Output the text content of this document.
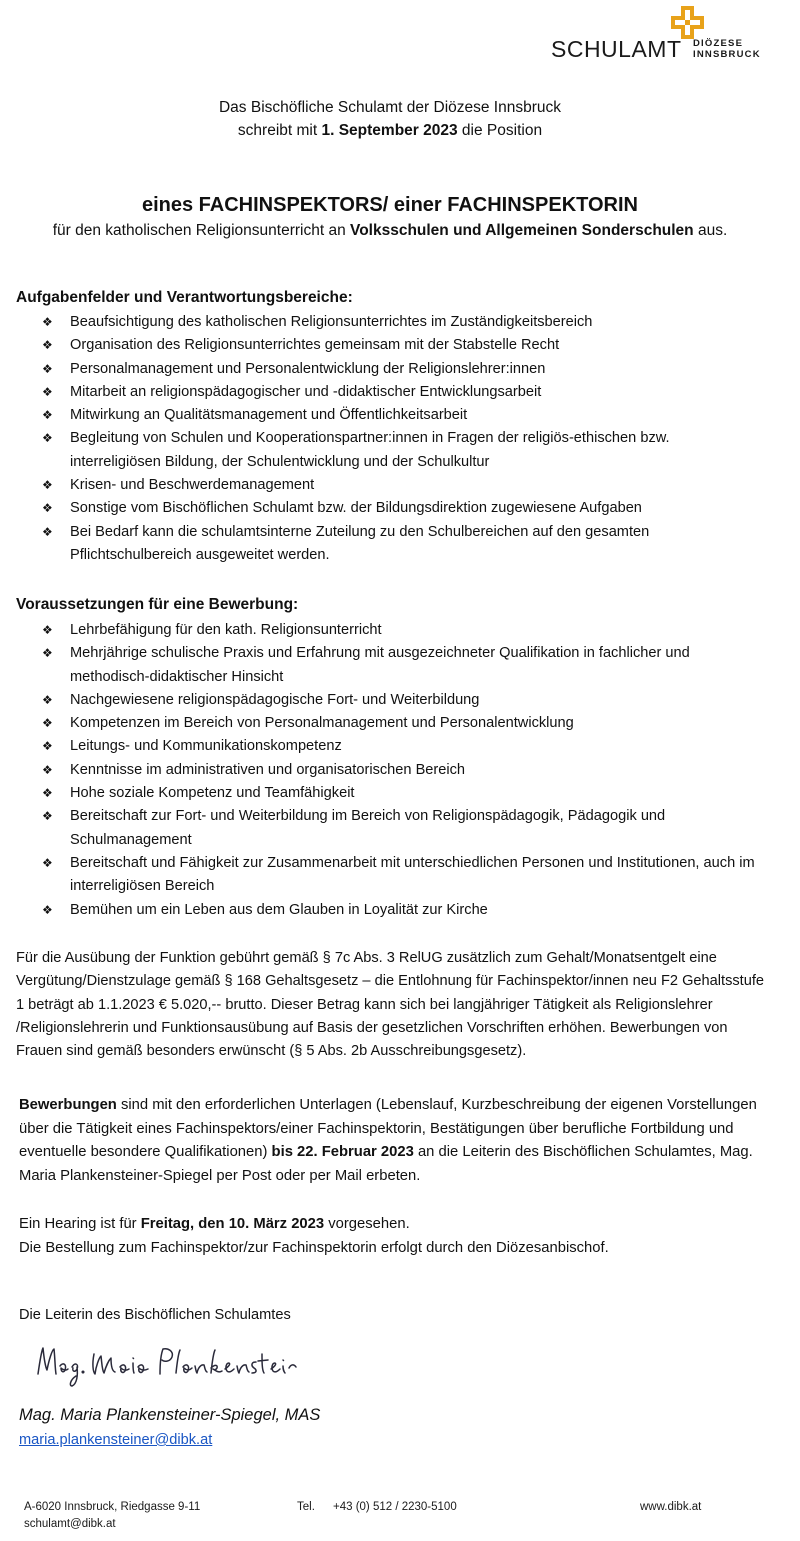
SCHULAMT DIÖZESE
INNSBRUCK
Das Bischöfliche Schulamt der Diözese Innsbruck
schreibt mit 1. September 2023 die Position
eines FACHINSPEKTORS/ einer FACHINSPEKTORIN
für den katholischen Religionsunterricht an Volksschulen und Allgemeinen Sonderschulen aus.
Aufgabenfelder und Verantwortungsbereiche:
❖ Beaufsichtigung des katholischen Religionsunterrichtes im Zuständigkeitsbereich
❖ Organisation des Religionsunterrichtes gemeinsam mit der Stabstelle Recht
❖ Personalmanagement und Personalentwicklung der Religionslehrer:innen
❖ Mitarbeit an religionspädagogischer und -didaktischer Entwicklungsarbeit
❖ Mitwirkung an Qualitätsmanagement und Öffentlichkeitsarbeit
❖ Begleitung von Schulen und Kooperationspartner:innen in Fragen der religiös-ethischen bzw. interreligiösen Bildung, der Schulentwicklung und der Schulkultur
❖ Krisen- und Beschwerdemanagement
❖ Sonstige vom Bischöflichen Schulamt bzw. der Bildungsdirektion zugewiesene Aufgaben
❖ Bei Bedarf kann die schulamtsinterne Zuteilung zu den Schulbereichen auf den gesamten Pflichtschulbereich ausgeweitet werden.
Voraussetzungen für eine Bewerbung:
❖ Lehrbefähigung für den kath. Religionsunterricht
❖ Mehrjährige schulische Praxis und Erfahrung mit ausgezeichneter Qualifikation in fachlicher und methodisch-didaktischer Hinsicht
❖ Nachgewiesene religionspädagogische Fort- und Weiterbildung
❖ Kompetenzen im Bereich von Personalmanagement und Personalentwicklung
❖ Leitungs- und Kommunikationskompetenz
❖ Kenntnisse im administrativen und organisatorischen Bereich
❖ Hohe soziale Kompetenz und Teamfähigkeit
❖ Bereitschaft zur Fort- und Weiterbildung im Bereich von Religionspädagogik, Pädagogik und Schulmanagement
❖ Bereitschaft und Fähigkeit zur Zusammenarbeit mit unterschiedlichen Personen und Institutionen, auch im interreligiösen Bereich
❖ Bemühen um ein Leben aus dem Glauben in Loyalität zur Kirche
Für die Ausübung der Funktion gebührt gemäß § 7c Abs. 3 RelUG zusätzlich zum Gehalt/Monatsentgelt eine Vergütung/Dienstzulage gemäß § 168 Gehaltsgesetz – die Entlohnung für Fachinspektor/innen neu F2 Gehaltsstufe 1 beträgt ab 1.1.2023 € 5.020,-- brutto. Dieser Betrag kann sich bei langjähriger Tätigkeit als Religionslehrer /Religionslehrerin und Funktionsausübung auf Basis der gesetzlichen Vorschriften erhöhen. Bewerbungen von Frauen sind gemäß besonders erwünscht (§ 5 Abs. 2b Ausschreibungsgesetz).
Bewerbungen sind mit den erforderlichen Unterlagen (Lebenslauf, Kurzbeschreibung der eigenen Vorstellungen über die Tätigkeit eines Fachinspektors/einer Fachinspektorin, Bestätigungen über berufliche Fortbildung und eventuelle besondere Qualifikationen) bis 22. Februar 2023 an die Leiterin des Bischöflichen Schulamtes, Mag. Maria Plankensteiner-Spiegel per Post oder per Mail erbeten.
Ein Hearing ist für Freitag, den 10. März 2023 vorgesehen.
Die Bestellung zum Fachinspektor/zur Fachinspektorin erfolgt durch den Diözesanbischof.
Die Leiterin des Bischöflichen Schulamtes
Mag. Maria Plankensteiner-Spiegel, MAS
maria.plankensteiner@dibk.at
A-6020 Innsbruck, Riedgasse 9-11
schulamt@dibk.at
Tel. +43 (0) 512 / 2230-5100	www.dibk.at
